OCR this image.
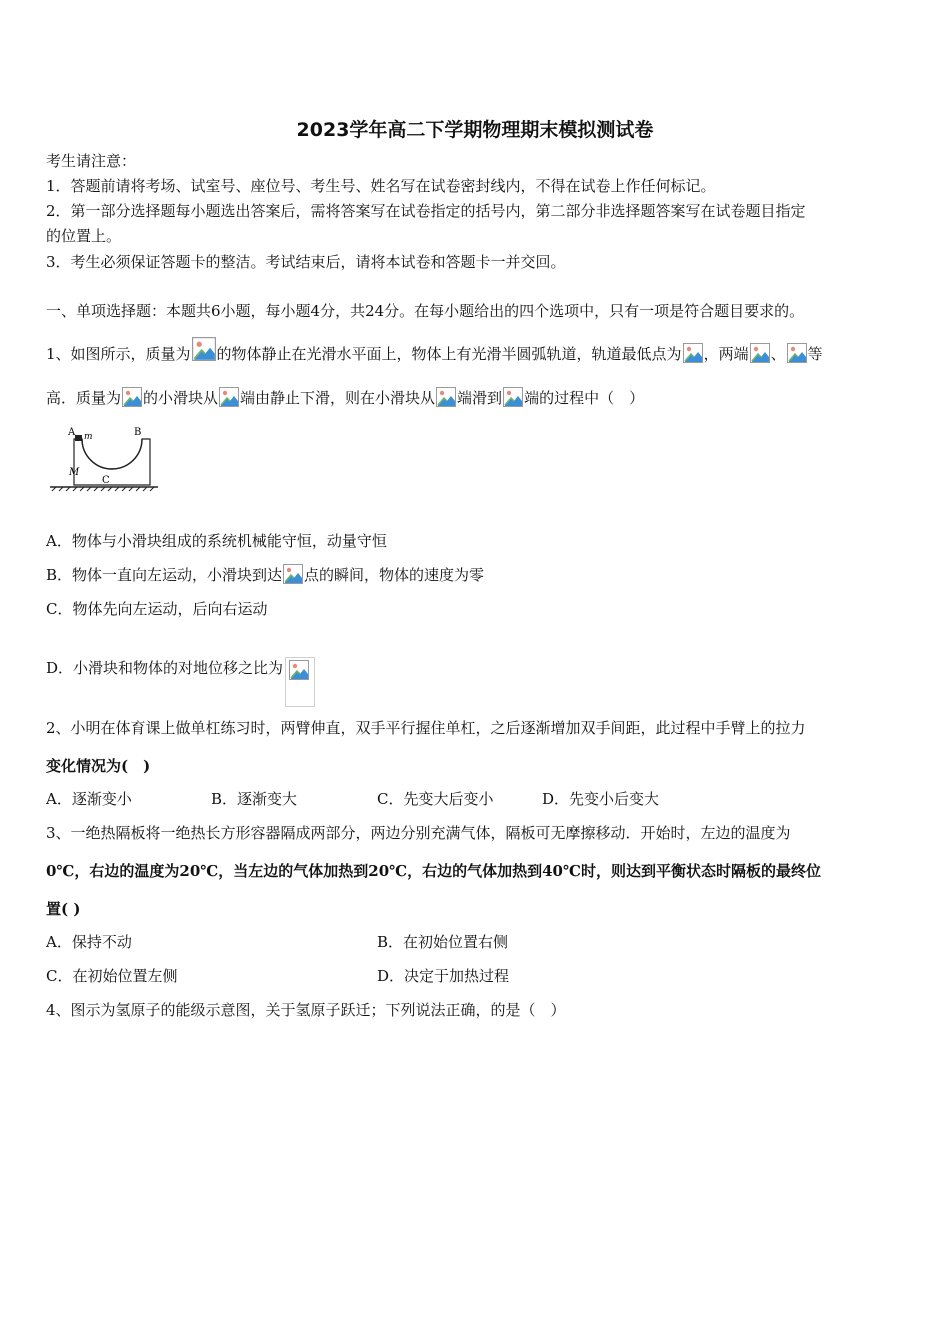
2023学年高二下学期物理期末模拟测试卷
考生请注意：
1．答题前请将考场、试室号、座位号、考生号、姓名写在试卷密封线内，不得在试卷上作任何标记。
2．第一部分选择题每小题选出答案后，需将答案写在试卷指定的括号内，第二部分非选择题答案写在试卷题目指定
的位置上。
3．考生必须保证答题卡的整洁。考试结束后，请将本试卷和答题卡一并交回。
一、单项选择题：本题共6小题，每小题4分，共24分。在每小题给出的四个选项中，只有一项是符合题目要求的。
1、如图所示，质量为 的物体静止在光滑水平面上，物体上有光滑半圆弧轨道，轨道最低点为 ，两端 、 等
高．质量为 的小滑块从 端由静止下滑，则在小滑块从 端滑到 端的过程中（　）
A m	B
M
C
A．物体与小滑块组成的系统机械能守恒，动量守恒
B．物体一直向左运动，小滑块到达 点的瞬间，物体的速度为零
C．物体先向左运动，后向右运动
D．小滑块和物体的对地位移之比为
2、小明在体育课上做单杠练习时，两臂伸直，双手平行握住单杠，之后逐渐增加双手间距，此过程中手臂上的拉力
变化情况为(　)
A．逐渐变小	B．逐渐变大	C．先变大后变小	D．先变小后变大
3、一绝热隔板将一绝热长方形容器隔成两部分，两边分别充满气体，隔板可无摩擦移动．开始时，左边的温度为
0℃，右边的温度为20℃，当左边的气体加热到20℃，右边的气体加热到40℃时，则达到平衡状态时隔板的最终位
置( )
A．保持不动	B．在初始位置右侧
C．在初始位置左侧	D．决定于加热过程
4、图示为氢原子的能级示意图，关于氢原子跃迁；下列说法正确，的是（　）
